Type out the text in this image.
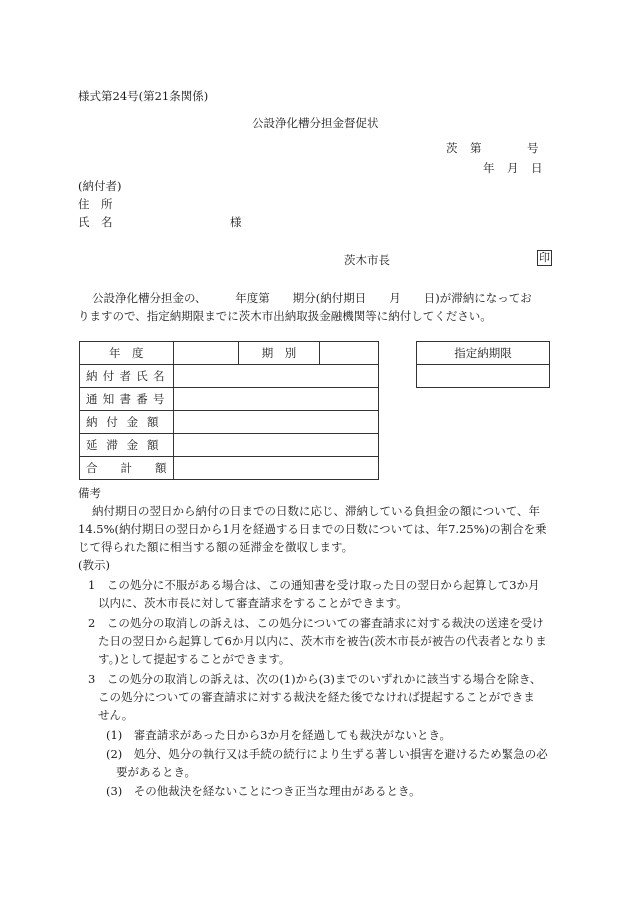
様式第24号(第21条関係)
公設浄化槽分担金督促状
茨 第	号
年 月 日
(納付者)
住　所
氏　名	様
茨木市長	印
公設浄化槽分担金の、　　　年度第　　期分(納付期日　　月　　日)が滞納になってお
りますので、指定納期限までに茨木市出納取扱金融機関等に納付してください。
年　度		期　別	
納付者氏名			
通知書番号			
納付金額			
延滞金額			
合　　計　　額			
指定納期限

備考
納付期日の翌日から納付の日までの日数に応じ、滞納している負担金の額について、年
14.5%(納付期日の翌日から1月を経過する日までの日数については、年7.25%)の割合を乗
じて得られた額に相当する額の延滞金を徴収します。
(教示)
1　この処分に不服がある場合は、この通知書を受け取った日の翌日から起算して3か月
以内に、茨木市長に対して審査請求をすることができます。
2　この処分の取消しの訴えは、この処分についての審査請求に対する裁決の送達を受け
た日の翌日から起算して6か月以内に、茨木市を被告(茨木市長が被告の代表者となりま
す。)として提起することができます。
3　この処分の取消しの訴えは、次の(1)から(3)までのいずれかに該当する場合を除き、
この処分についての審査請求に対する裁決を経た後でなければ提起することができま
せん。
(1)　審査請求があった日から3か月を経過しても裁決がないとき。
(2)　処分、処分の執行又は手続の続行により生ずる著しい損害を避けるため緊急の必
要があるとき。
(3)　その他裁決を経ないことにつき正当な理由があるとき。
